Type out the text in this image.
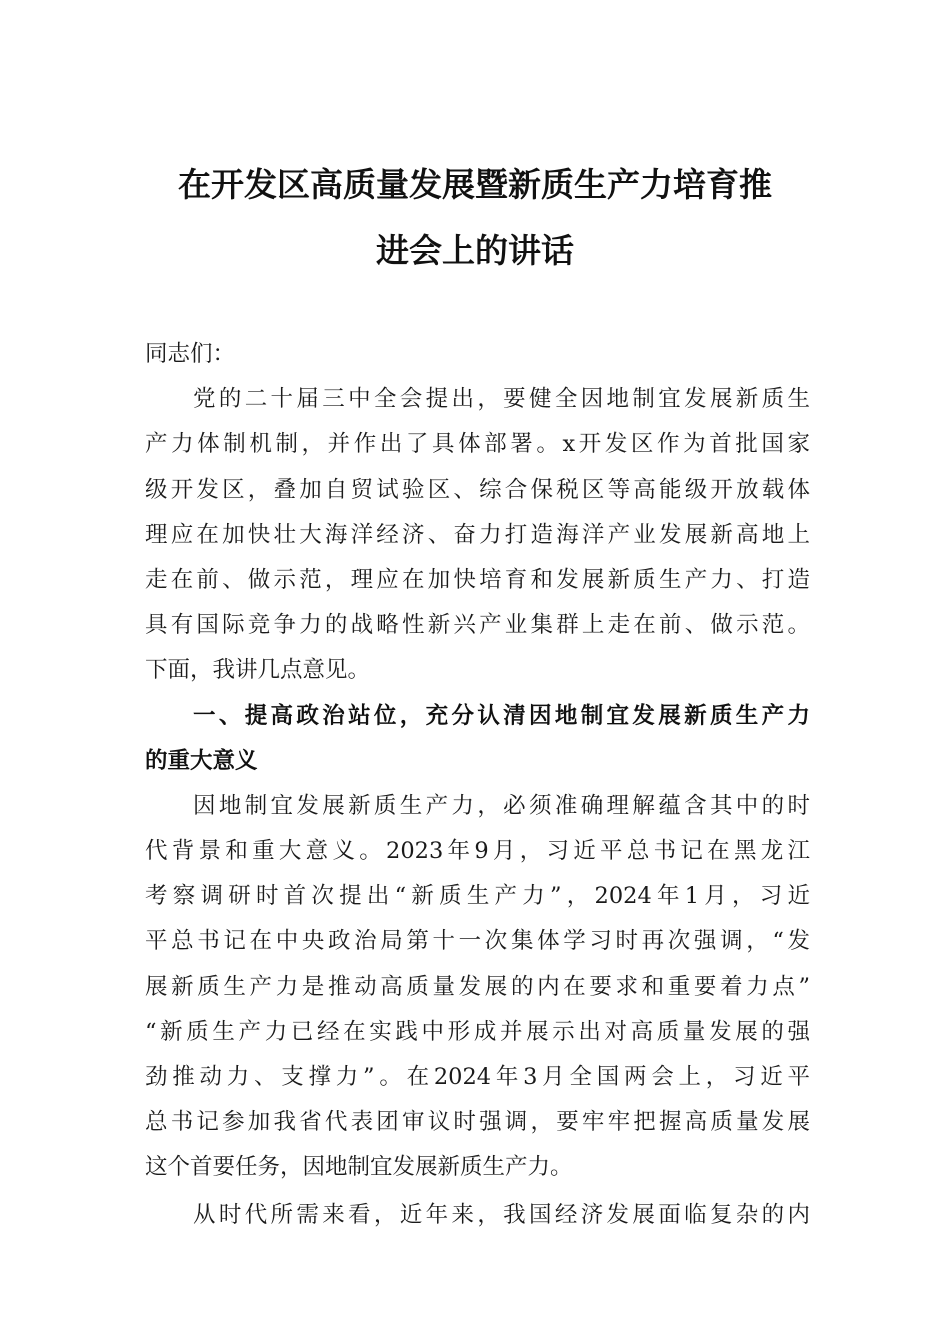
在开发区高质量发展暨新质生产力培育推
进会上的讲话
同志们：
党的二十届三中全会提出，要健全因地制宜发展新质生
产力体制机制，并作出了具体部署。x开发区作为首批国家
级开发区，叠加自贸试验区、综合保税区等高能级开放载体
理应在加快壮大海洋经济、奋力打造海洋产业发展新高地上
走在前、做示范，理应在加快培育和发展新质生产力、打造
具有国际竞争力的战略性新兴产业集群上走在前、做示范。
下面，我讲几点意见。
一、提高政治站位，充分认清因地制宜发展新质生产力
的重大意义
因地制宜发展新质生产力，必须准确理解蕴含其中的时
代背景和重大意义。2023年9月，习近平总书记在黑龙江
考察调研时首次提出“新质生产力”，2024年1月，习近
平总书记在中央政治局第十一次集体学习时再次强调，“发
展新质生产力是推动高质量发展的内在要求和重要着力点”
“新质生产力已经在实践中形成并展示出对高质量发展的强
劲推动力、支撑力”。在2024年3月全国两会上，习近平
总书记参加我省代表团审议时强调，要牢牢把握高质量发展
这个首要任务，因地制宜发展新质生产力。
从时代所需来看，近年来，我国经济发展面临复杂的内
